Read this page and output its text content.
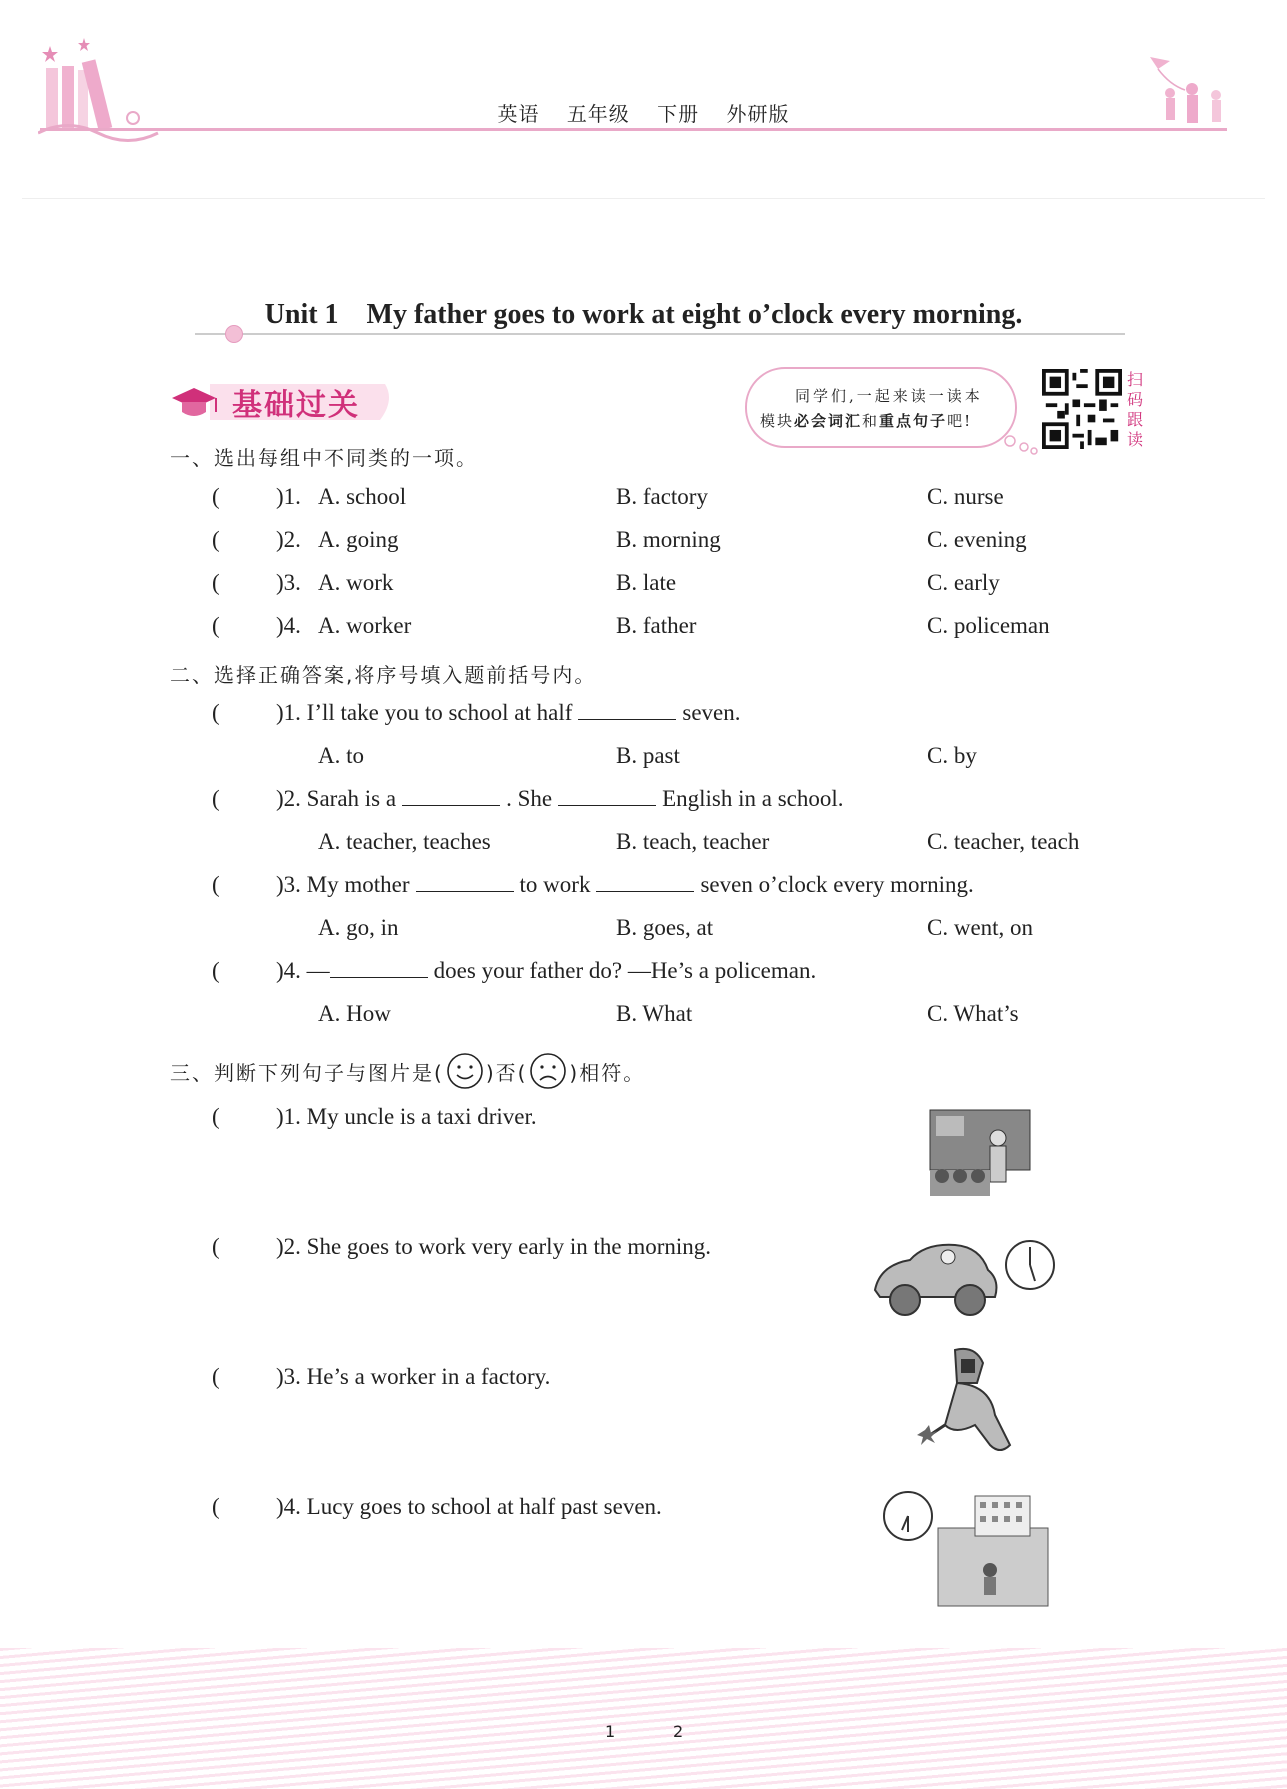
英语 五年级 下册 外研版
Unit 1　My father goes to work at eight o’clock every morning.
基础过关	同学们,一起来读一读本
模块必会词汇和重点句子吧!
扫
码
跟
读
一、选出每组中不同类的一项。
( )1. A. school	B. factory	C. nurse
( )2. A. going	B. morning	C. evening
( )3. A. work	B. late	C. early
( )4. A. worker	B. father	C. policeman
二、选择正确答案,将序号填入题前括号内。
( )1. I’ll take you to school at half	seven.
A. to	B. past	C. by
( )2. Sarah is a	. She	English in a school.
A. teacher, teaches	B. teach, teacher	C. teacher, teach
( )3. My mother	to work	seven o’clock every morning.
A. go, in	B. goes, at	C. went, on
( )4. —	does your father do? —He’s a policeman.
A. How	B. What	C. What’s
三、判断下列句子与图片是( )否( )相符。
( )1. My uncle is a taxi driver.
( )2. She goes to work very early in the morning.
( )3. He’s a worker in a factory.
( )4. Lucy goes to school at half past seven.
1	2
